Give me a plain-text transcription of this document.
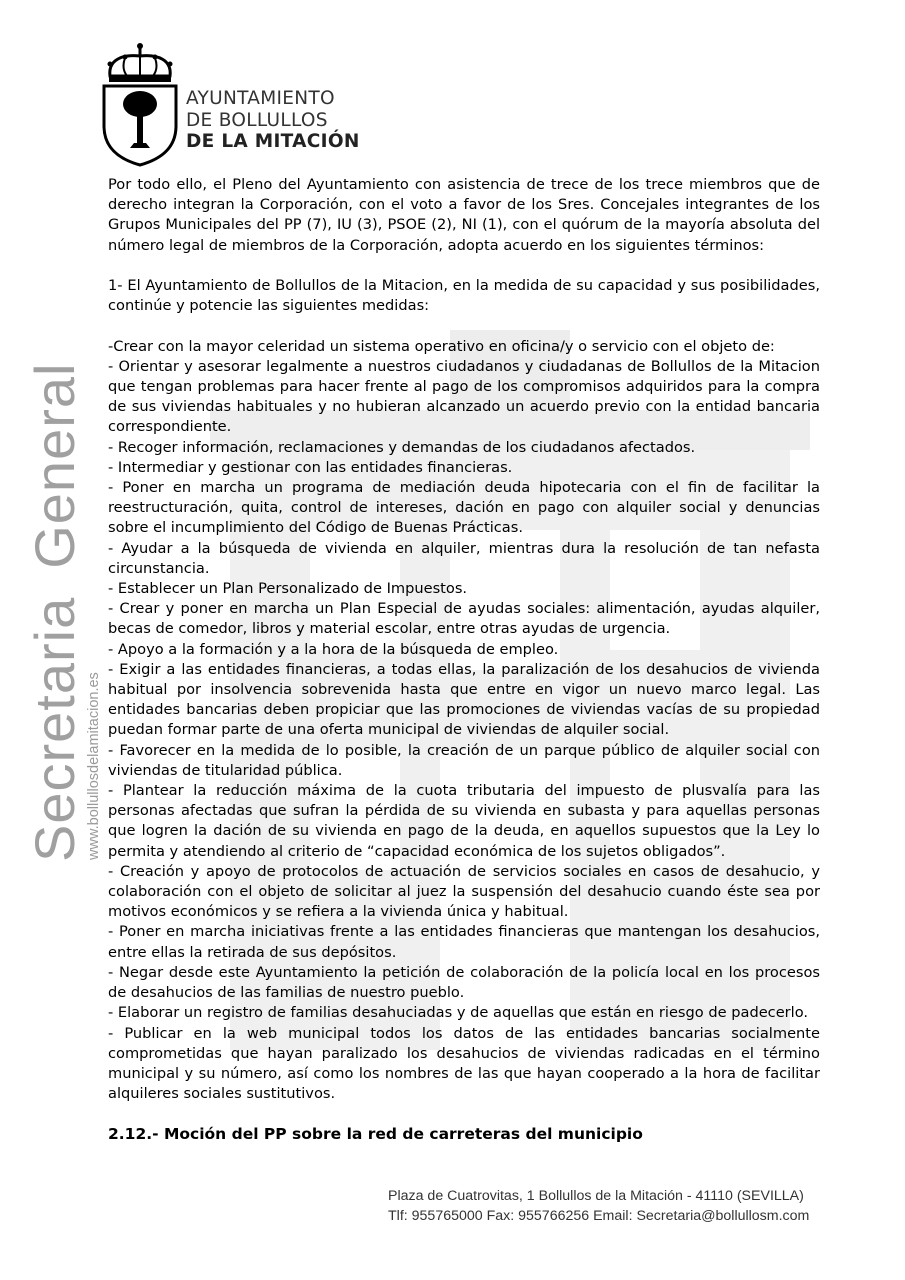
AYUNTAMIENTO
DE BOLLULLOS
DE LA MITACIÓN
SecretariaGeneral
www.bollullosdelamitacion.es

Por todo ello, el Pleno del Ayuntamiento con asistencia de trece de los trece miembros que de derecho integran la Corporación, con el voto a favor de los Sres. Concejales integrantes de los Grupos Municipales del PP (7), IU (3), PSOE (2), NI (1), con el quórum de la mayoría absoluta del número legal de miembros de la Corporación, adopta acuerdo en los siguientes términos:

1- El Ayuntamiento de Bollullos de la Mitacion, en la medida de su capacidad y sus posibilidades, continúe y potencie las siguientes medidas:

-Crear con la mayor celeridad un sistema operativo en oficina/y o servicio con el objeto de:

- Orientar y asesorar legalmente a nuestros ciudadanos y ciudadanas de Bollullos de la Mitacion que tengan problemas para hacer frente al pago de los compromisos adquiridos para la compra de sus viviendas habituales y no hubieran alcanzado un acuerdo previo con la entidad bancaria correspondiente.

- Recoger información, reclamaciones y demandas de los ciudadanos afectados.

- Intermediar y gestionar con las entidades financieras.

- Poner en marcha un programa de mediación deuda hipotecaria con el fin de facilitar la reestructuración, quita, control de intereses, dación en pago con alquiler social y denuncias sobre el incumplimiento del Código de Buenas Prácticas.

- Ayudar a la búsqueda de vivienda en alquiler, mientras dura la resolución de tan nefasta circunstancia.

- Establecer un Plan Personalizado de Impuestos.

- Crear y poner en marcha un Plan Especial de ayudas sociales: alimentación, ayudas alquiler, becas de comedor, libros y material escolar, entre otras ayudas de urgencia.

- Apoyo a la formación y a la hora de la búsqueda de empleo.

- Exigir a las entidades financieras, a todas ellas, la paralización de los desahucios de vivienda habitual por insolvencia sobrevenida hasta que entre en vigor un nuevo marco legal. Las entidades bancarias deben propiciar que las promociones de viviendas vacías de su propiedad puedan formar parte de una oferta municipal de viviendas de alquiler social.

- Favorecer en la medida de lo posible, la creación de un parque público de alquiler social con viviendas de titularidad pública.

- Plantear la reducción máxima de la cuota tributaria del impuesto de plusvalía para las personas afectadas que sufran la pérdida de su vivienda en subasta y para aquellas personas que logren la dación de su vivienda en pago de la deuda, en aquellos supuestos que la Ley lo permita y atendiendo al criterio de “capacidad económica de los sujetos obligados”.

- Creación y apoyo de protocolos de actuación de servicios sociales en casos de desahucio, y colaboración con el objeto de solicitar al juez la suspensión del desahucio cuando éste sea por motivos económicos y se refiera a la vivienda única y habitual.

- Poner en marcha iniciativas frente a las entidades financieras que mantengan los desahucios, entre ellas la retirada de sus depósitos.

- Negar desde este Ayuntamiento la petición de colaboración de la policía local en los procesos de desahucios de las familias de nuestro pueblo.

- Elaborar un registro de familias desahuciadas y de aquellas que están en riesgo de padecerlo.

- Publicar en la web municipal todos los datos de las entidades bancarias socialmente comprometidas que hayan paralizado los desahucios de viviendas radicadas en el término municipal y su número, así como los nombres de las que hayan cooperado a la hora de facilitar alquileres sociales sustitutivos.

2.12.- Moción del PP sobre la red de carreteras del municipio
Plaza de Cuatrovitas, 1 Bollullos de la Mitación - 41110 (SEVILLA)
Tlf: 955765000 Fax: 955766256 Email: Secretaria@bollullosm.com
